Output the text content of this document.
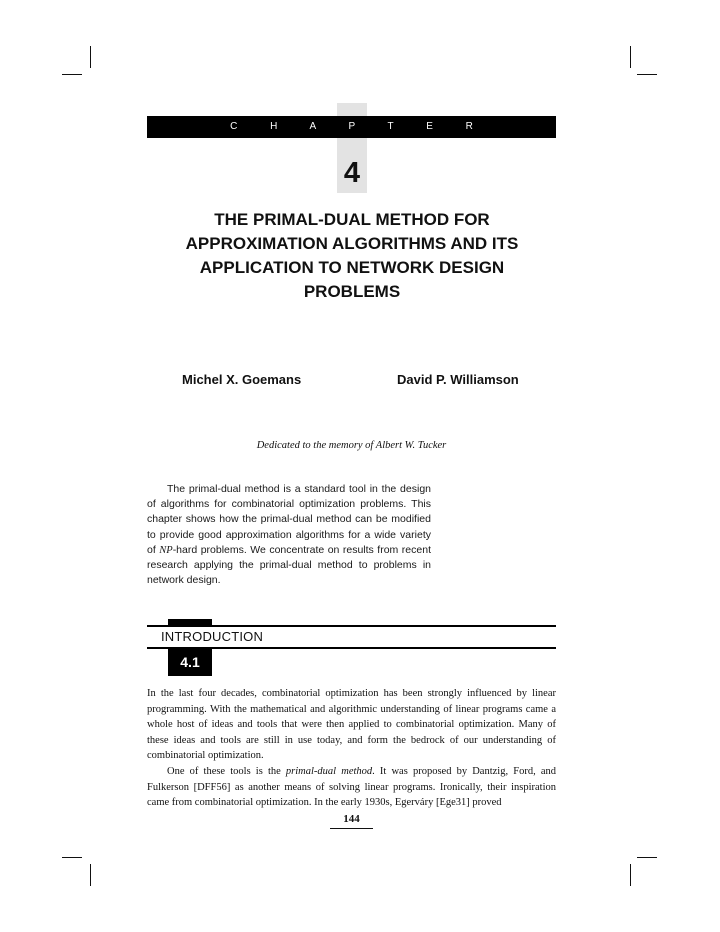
C H A P T E R
4
THE PRIMAL-DUAL METHOD FOR APPROXIMATION ALGORITHMS AND ITS APPLICATION TO NETWORK DESIGN PROBLEMS
Michel X. Goemans	David P. Williamson
Dedicated to the memory of Albert W. Tucker

The primal-dual method is a standard tool in the design of algorithms for combinatorial optimization problems. This chapter shows how the primal-dual method can be modified to provide good approximation algorithms for a wide variety of NP-hard problems. We concentrate on results from recent research applying the primal-dual method to problems in network design.

INTRODUCTION
4.1

In the last four decades, combinatorial optimization has been strongly influenced by linear programming. With the mathematical and algorithmic understanding of linear programs came a whole host of ideas and tools that were then applied to combinatorial optimization. Many of these ideas and tools are still in use today, and form the bedrock of our understanding of combinatorial optimization.

One of these tools is the primal-dual method. It was proposed by Dantzig, Ford, and Fulkerson [DFF56] as another means of solving linear programs. Ironically, their inspiration came from combinatorial optimization. In the early 1930s, Egerváry [Ege31] proved

144
